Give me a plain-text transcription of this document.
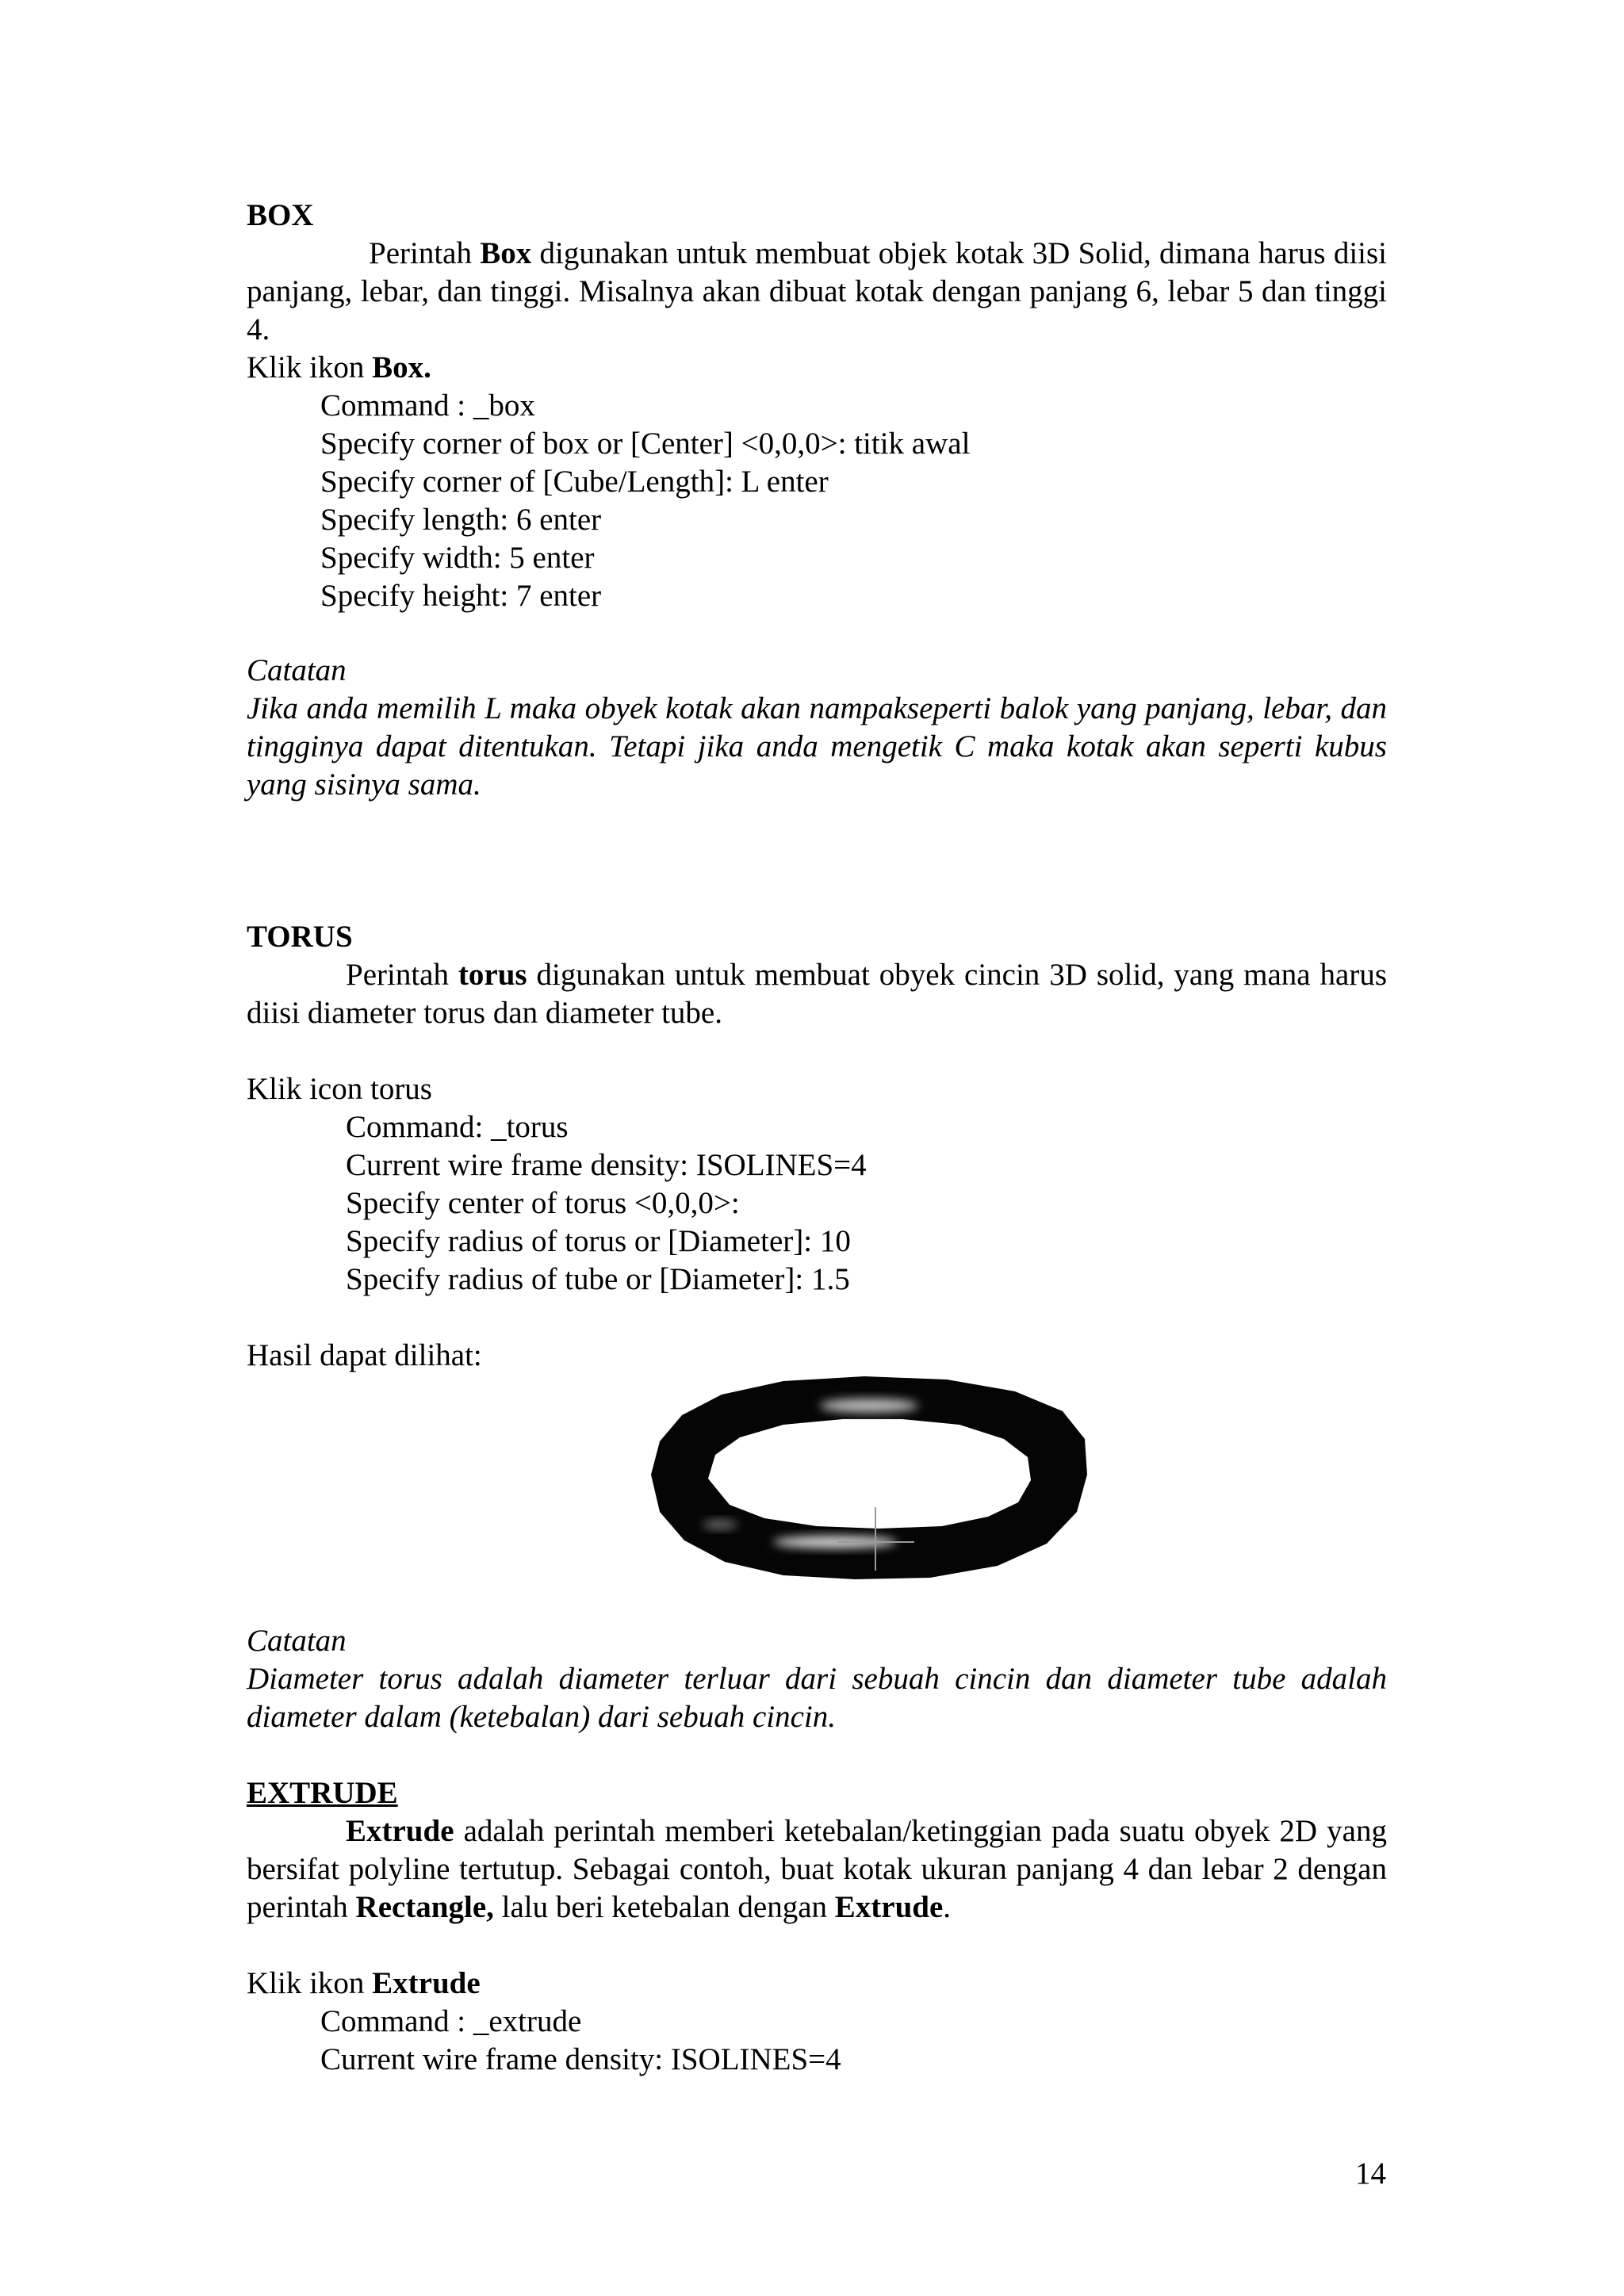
BOX

Perintah Box digunakan untuk membuat objek kotak 3D Solid, dimana harus diisi panjang, lebar, dan tinggi. Misalnya akan dibuat kotak dengan panjang 6, lebar 5 dan tinggi 4.

Klik ikon Box.

Command : _box
Specify corner of box or [Center] <0,0,0>: titik awal
Specify corner of [Cube/Length]: L enter
Specify length: 6 enter
Specify width: 5 enter
Specify height: 7 enter

Catatan

Jika anda memilih L maka obyek kotak akan nampakseperti balok yang panjang, lebar, dan tingginya dapat ditentukan. Tetapi jika anda mengetik C maka kotak akan seperti kubus yang sisinya sama.

TORUS

Perintah torus digunakan untuk membuat obyek cincin 3D solid, yang mana harus diisi diameter torus dan diameter tube.

Klik icon torus

Command: _torus
Current wire frame density: ISOLINES=4
Specify center of torus <0,0,0>:
Specify radius of torus or [Diameter]: 10
Specify radius of tube or [Diameter]: 1.5

Hasil dapat dilihat:

Catatan

Diameter torus adalah diameter terluar dari sebuah cincin dan diameter tube adalah diameter dalam (ketebalan) dari sebuah cincin.

EXTRUDE

Extrude adalah perintah memberi ketebalan/ketinggian pada suatu obyek 2D yang bersifat polyline tertutup. Sebagai contoh, buat kotak ukuran panjang 4 dan lebar 2 dengan perintah Rectangle, lalu beri ketebalan dengan Extrude.

Klik ikon Extrude

Command : _extrude
Current wire frame density: ISOLINES=4
14
